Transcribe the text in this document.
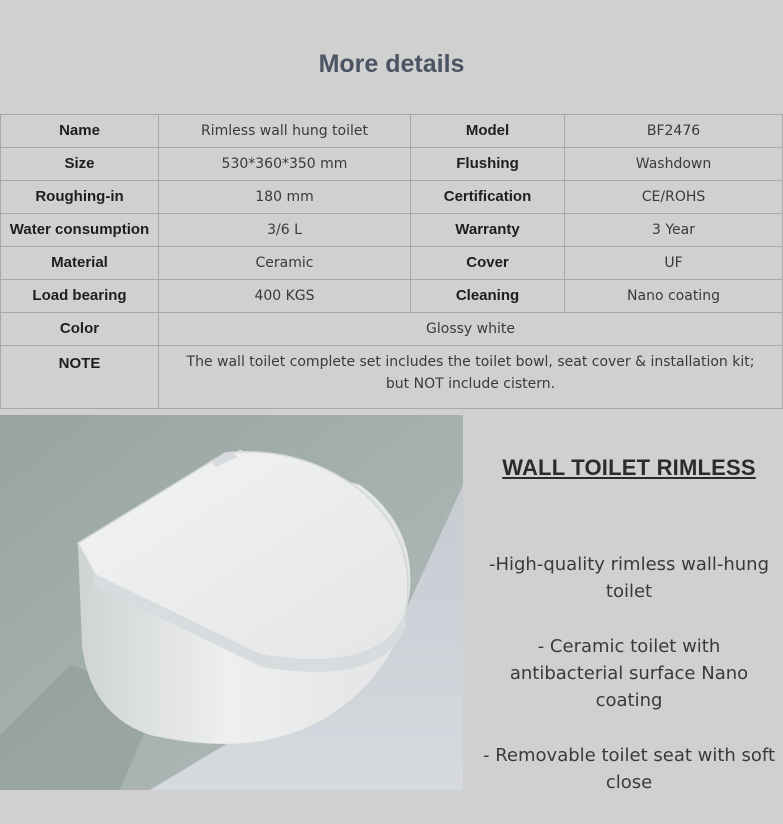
More details
Name	Rimless wall hung toilet	Model	BF2476
Size	530*360*350 mm	Flushing	Washdown
Roughing-in	180 mm	Certification	CE/ROHS
Water consumption	3/6 L	Warranty	3 Year
Material	Ceramic	Cover	UF
Load bearing	400 KGS	Cleaning	Nano coating
Color	Glossy white		
NOTE	The wall toilet complete set includes the toilet bowl, seat cover & installation kit;
but NOT include cistern.		
WALL TOILET RIMLESS

-High-quality rimless wall-hung toilet

- Ceramic toilet with antibacterial surface Nano coating

- Removable toilet seat with soft close
